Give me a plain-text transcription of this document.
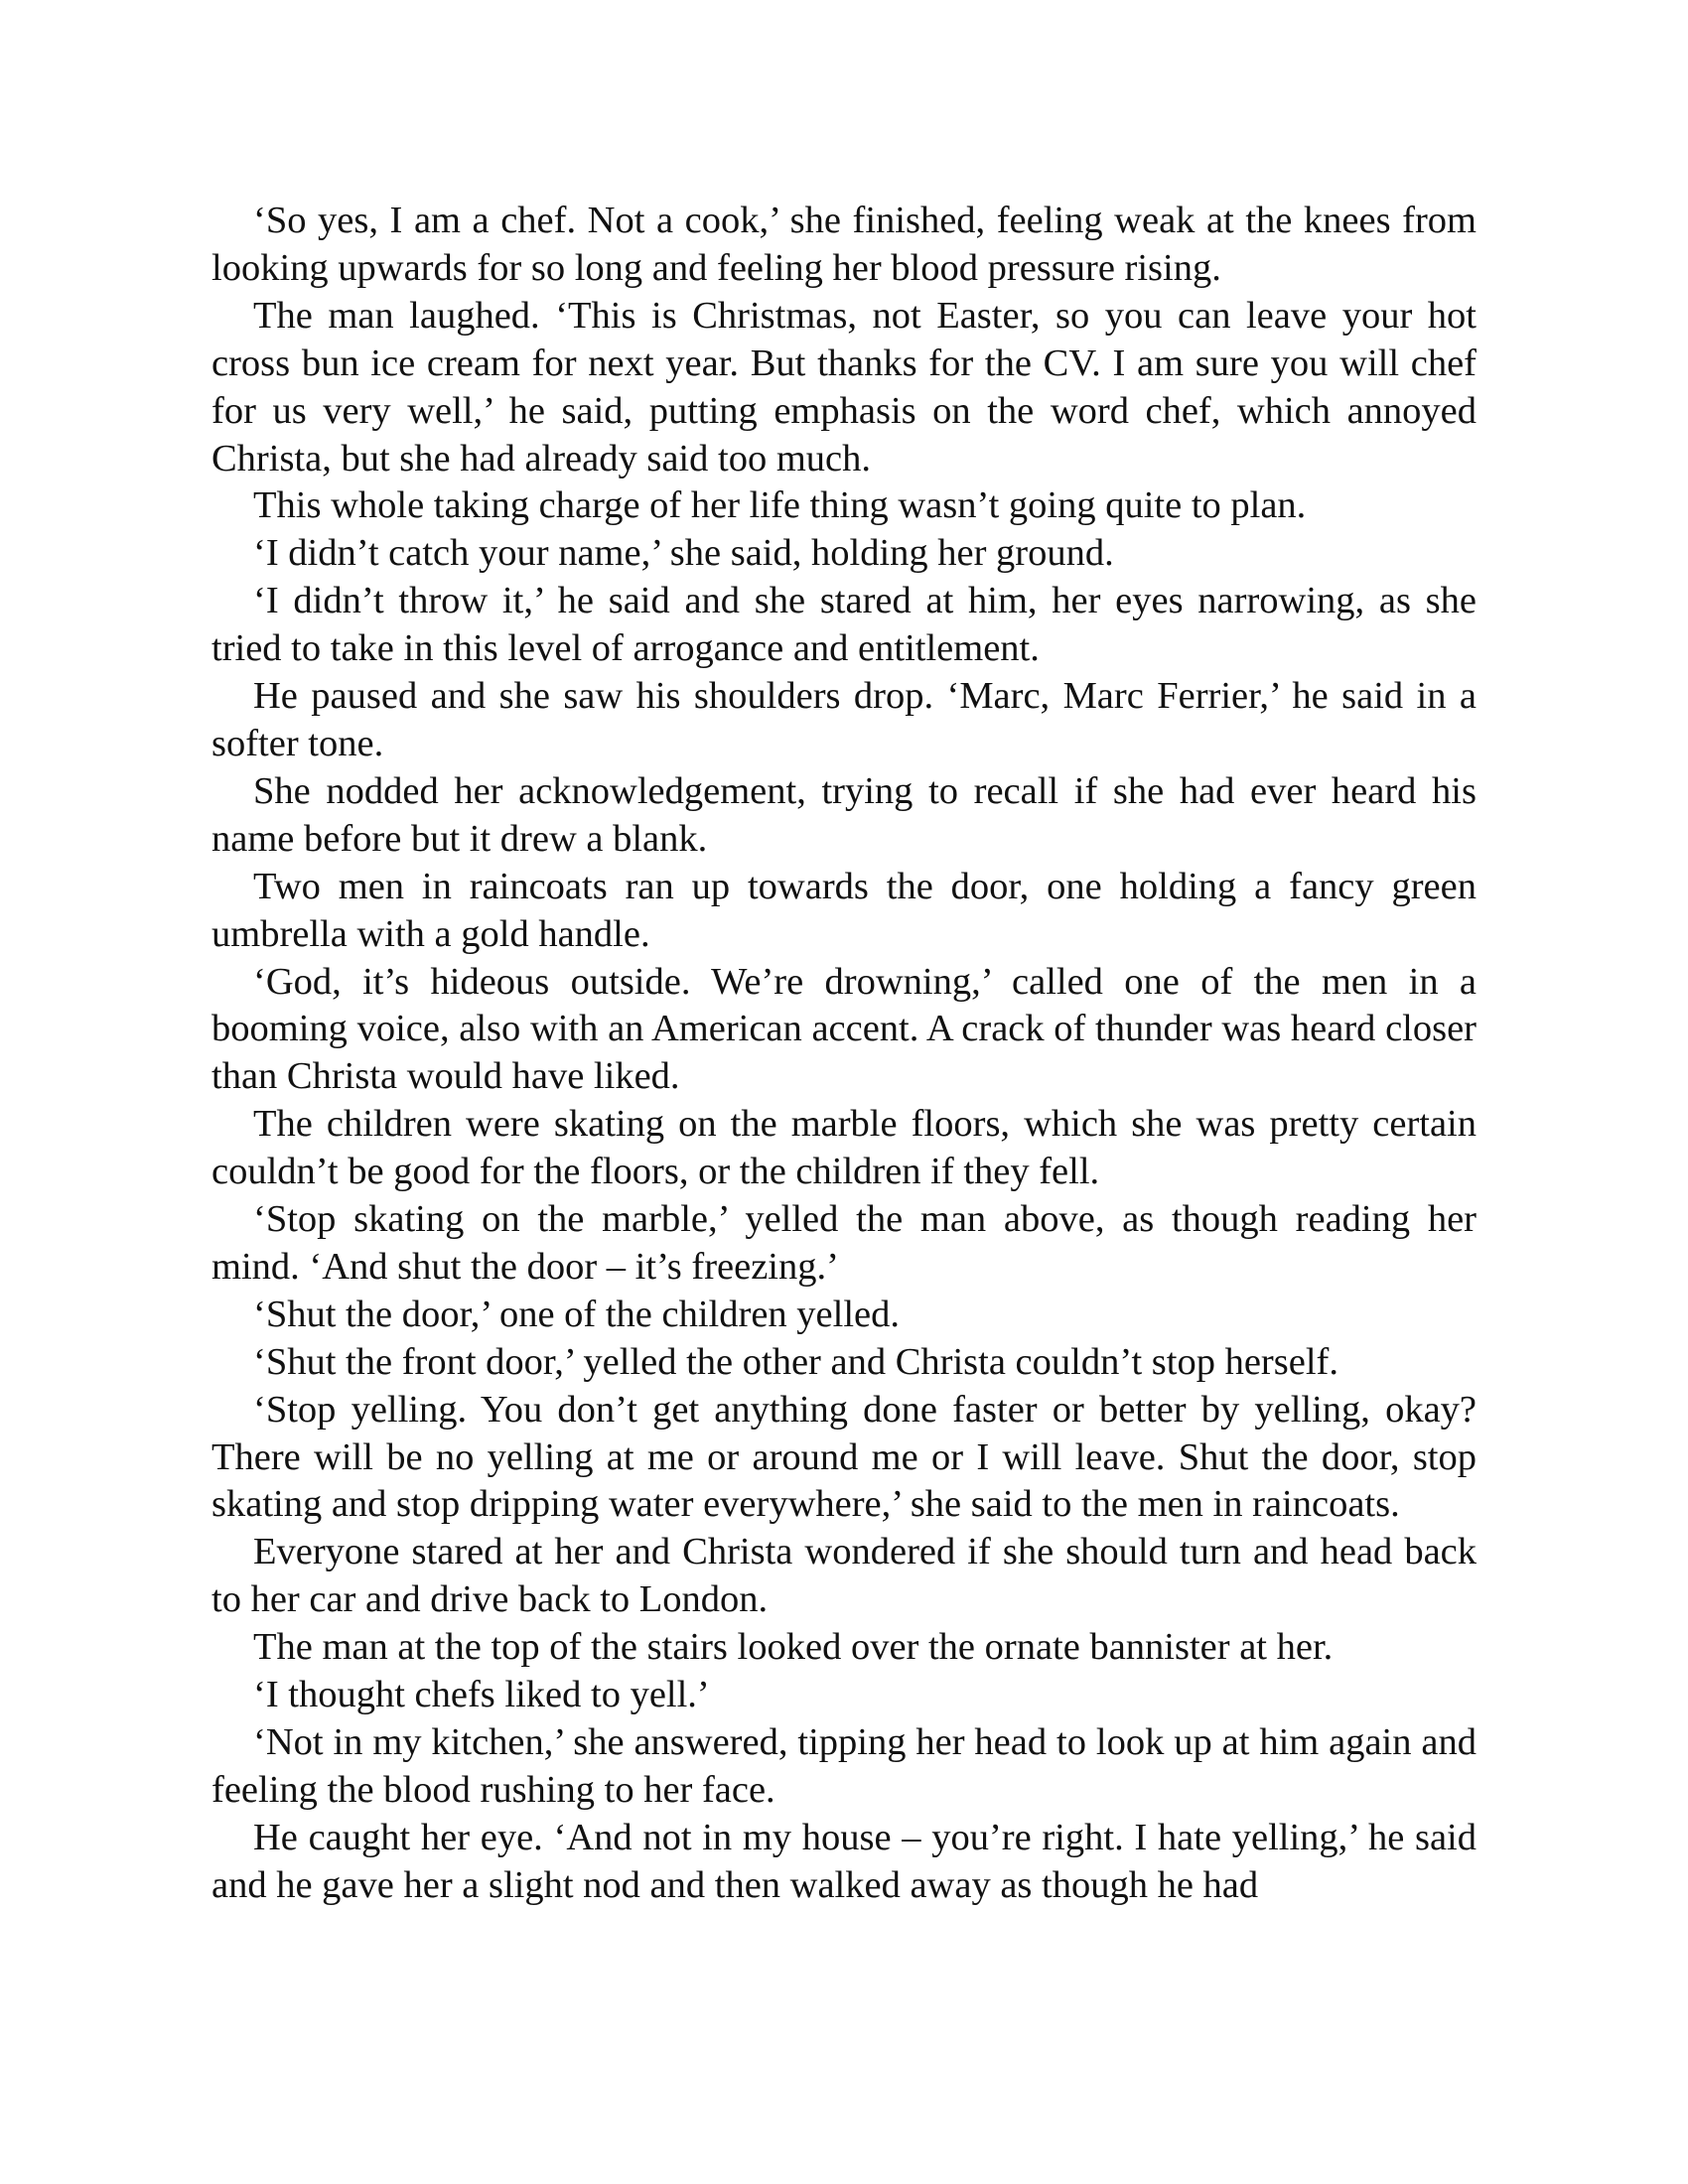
‘So yes, I am a chef. Not a cook,’ she finished, feeling weak at the knees from looking upwards for so long and feeling her blood pressure rising.

The man laughed. ‘This is Christmas, not Easter, so you can leave your hot cross bun ice cream for next year. But thanks for the CV. I am sure you will chef for us very well,’ he said, putting emphasis on the word chef, which annoyed Christa, but she had already said too much.

This whole taking charge of her life thing wasn’t going quite to plan.

‘I didn’t catch your name,’ she said, holding her ground.

‘I didn’t throw it,’ he said and she stared at him, her eyes narrowing, as she tried to take in this level of arrogance and entitlement.

He paused and she saw his shoulders drop. ‘Marc, Marc Ferrier,’ he said in a softer tone.

She nodded her acknowledgement, trying to recall if she had ever heard his name before but it drew a blank.

Two men in raincoats ran up towards the door, one holding a fancy green umbrella with a gold handle.

‘God, it’s hideous outside. We’re drowning,’ called one of the men in a booming voice, also with an American accent. A crack of thunder was heard closer than Christa would have liked.

The children were skating on the marble floors, which she was pretty certain couldn’t be good for the floors, or the children if they fell.

‘Stop skating on the marble,’ yelled the man above, as though reading her mind. ‘And shut the door – it’s freezing.’

‘Shut the door,’ one of the children yelled.

‘Shut the front door,’ yelled the other and Christa couldn’t stop herself.

‘Stop yelling. You don’t get anything done faster or better by yelling, okay? There will be no yelling at me or around me or I will leave. Shut the door, stop skating and stop dripping water everywhere,’ she said to the men in raincoats.

Everyone stared at her and Christa wondered if she should turn and head back to her car and drive back to London.

The man at the top of the stairs looked over the ornate bannister at her.

‘I thought chefs liked to yell.’

‘Not in my kitchen,’ she answered, tipping her head to look up at him again and feeling the blood rushing to her face.

He caught her eye. ‘And not in my house – you’re right. I hate yelling,’ he said and he gave her a slight nod and then walked away as though he had
